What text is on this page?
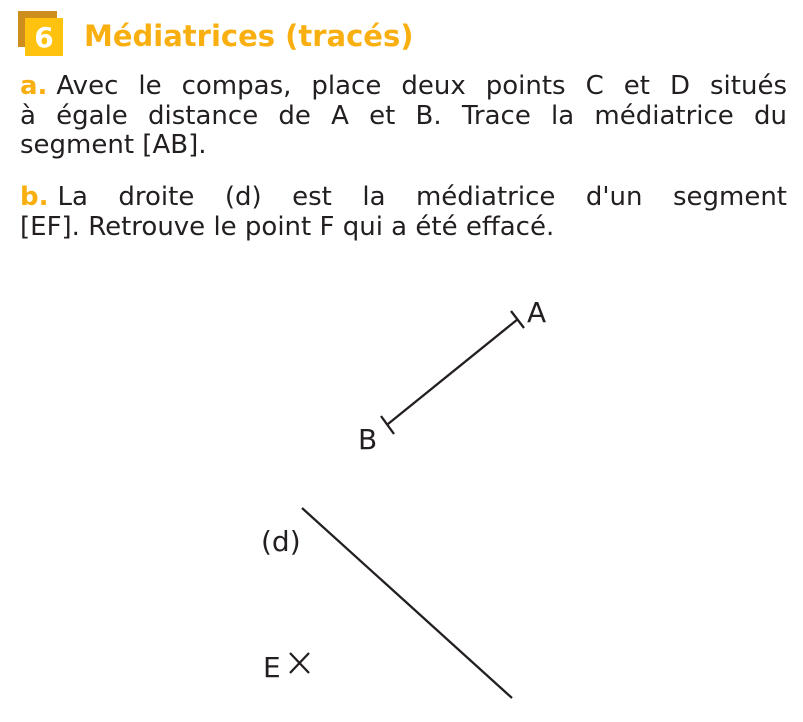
6	Médiatrices (tracés)
a. Avec le compas, place deux points C et D situés
à égale distance de A et B. Trace la médiatrice du
segment [AB].
b. La droite (d) est la médiatrice d'un segment
[EF]. Retrouve le point F qui a été effacé.
A
B
(d)
E
